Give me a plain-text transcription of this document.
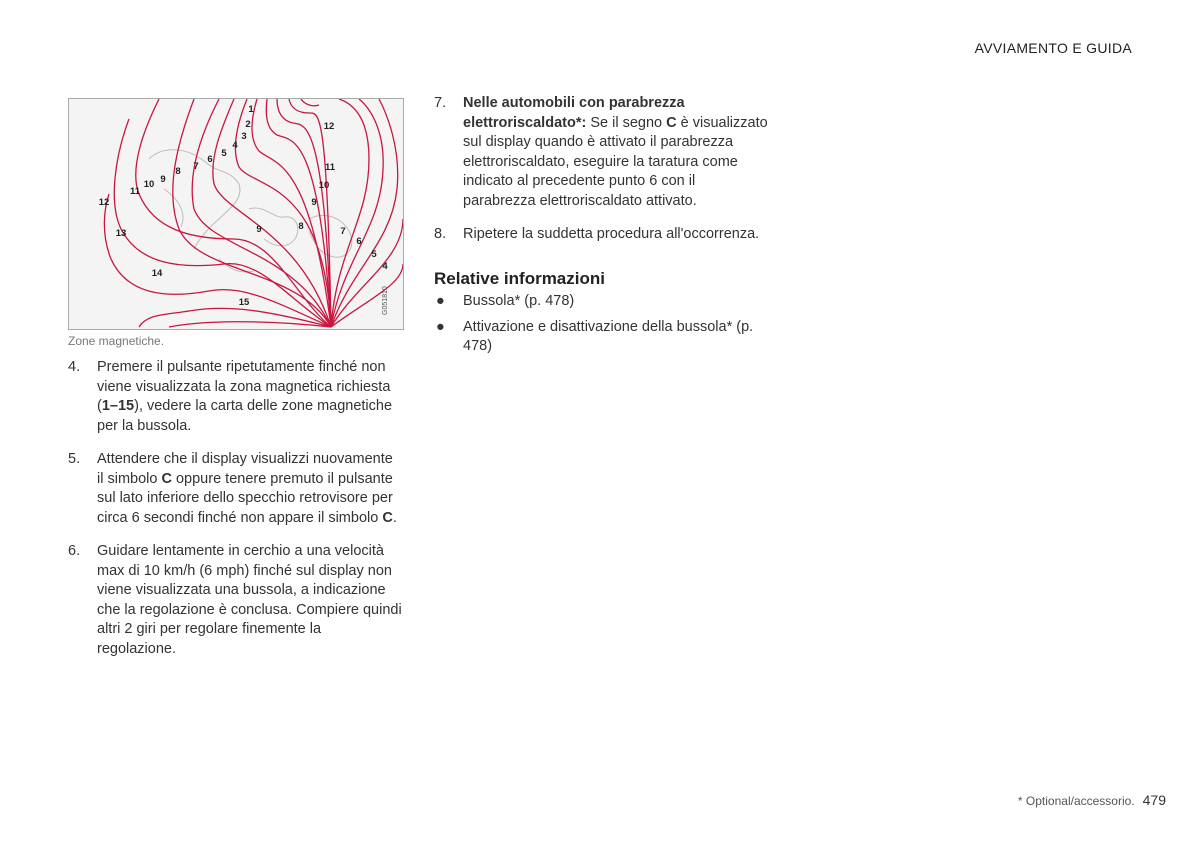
AVVIAMENTO E GUIDA
1
2
3
4
4
5
5
6
6
7
7
8
8
9
9
9
10	10
11
11
12
12
13
14
15	G051810
Zone magnetiche.
4. Premere il pulsante ripetutamente finché non viene visualizzata la zona magnetica richiesta (1–15), vedere la carta delle zone magnetiche per la bussola.
5. Attendere che il display visualizzi nuovamente il simbolo C oppure tenere premuto il pulsante sul lato inferiore dello specchio retrovisore per circa 6 secondi finché non appare il simbolo C.
6. Guidare lentamente in cerchio a una velocità max di 10 km/h (6 mph) finché sul display non viene visualizzata una bussola, a indicazione che la regolazione è conclusa. Compiere quindi altri 2 giri per regolare finemente la regolazione.
7. Nelle automobili con parabrezza elettroriscaldato*: Se il segno C è visualizzato sul display quando è attivato il parabrezza elettroriscaldato, eseguire la taratura come indicato al precedente punto 6 con il parabrezza elettroriscaldato attivato.
8. Ripetere la suddetta procedura all'occorrenza.
Relative informazioni
● Bussola* (p. 478)
● Attivazione e disattivazione della bussola* (p. 478)
* Optional/accessorio. 479
